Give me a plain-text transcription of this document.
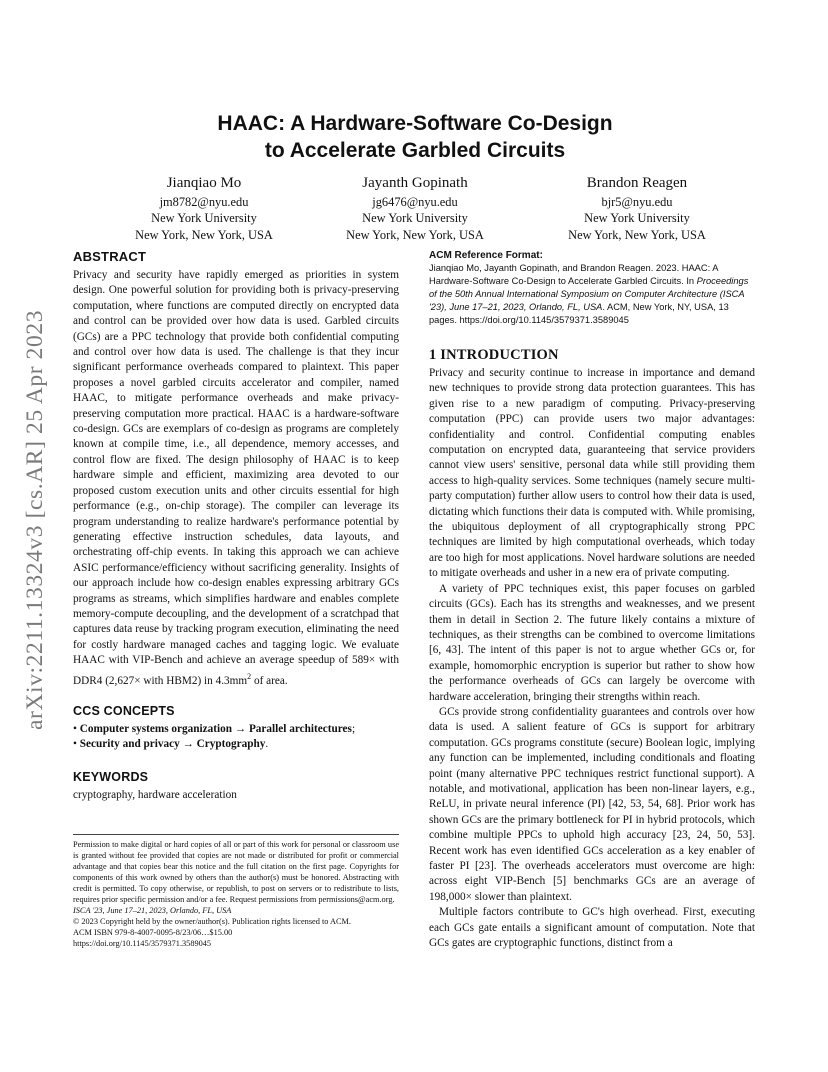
arXiv:2211.13324v3 [cs.AR] 25 Apr 2023
HAAC: A Hardware-Software Co-Design
to Accelerate Garbled Circuits
Jianqiao Mo
jm8782@nyu.edu
New York University
New York, New York, USA
Jayanth Gopinath
jg6476@nyu.edu
New York University
New York, New York, USA
Brandon Reagen
bjr5@nyu.edu
New York University
New York, New York, USA
ABSTRACT
Privacy and security have rapidly emerged as priorities in system design. One powerful solution for providing both is privacy-preserving computation, where functions are computed directly on encrypted data and control can be provided over how data is used. Garbled circuits (GCs) are a PPC technology that provide both confidential computing and control over how data is used. The challenge is that they incur significant performance overheads compared to plaintext. This paper proposes a novel garbled circuits accelerator and compiler, named HAAC, to mitigate performance overheads and make privacy-preserving computation more practical. HAAC is a hardware-software co-design. GCs are exemplars of co-design as programs are completely known at compile time, i.e., all dependence, memory accesses, and control flow are fixed. The design philosophy of HAAC is to keep hardware simple and efficient, maximizing area devoted to our proposed custom execution units and other circuits essential for high performance (e.g., on-chip storage). The compiler can leverage its program understanding to realize hardware's performance potential by generating effective instruction schedules, data layouts, and orchestrating off-chip events. In taking this approach we can achieve ASIC performance/efficiency without sacrificing generality. Insights of our approach include how co-design enables expressing arbitrary GCs programs as streams, which simplifies hardware and enables complete memory-compute decoupling, and the development of a scratchpad that captures data reuse by tracking program execution, eliminating the need for costly hardware managed caches and tagging logic. We evaluate HAAC with VIP-Bench and achieve an average speedup of 589× with DDR4 (2,627× with HBM2) in $4.3mm^2$ of area.
CCS CONCEPTS
• Computer systems organization → Parallel architectures;
• Security and privacy → Cryptography.
KEYWORDS
cryptography, hardware acceleration
Permission to make digital or hard copies of all or part of this work for personal or classroom use is granted without fee provided that copies are not made or distributed for profit or commercial advantage and that copies bear this notice and the full citation on the first page. Copyrights for components of this work owned by others than the author(s) must be honored. Abstracting with credit is permitted. To copy otherwise, or republish, to post on servers or to redistribute to lists, requires prior specific permission and/or a fee. Request permissions from permissions@acm.org.
ISCA '23, June 17–21, 2023, Orlando, FL, USA
© 2023 Copyright held by the owner/author(s). Publication rights licensed to ACM.
ACM ISBN 979-8-4007-0095-8/23/06…$15.00
https://doi.org/10.1145/3579371.3589045
ACM Reference Format:
Jianqiao Mo, Jayanth Gopinath, and Brandon Reagen. 2023. HAAC: A Hardware-Software Co-Design to Accelerate Garbled Circuits. In Proceedings of the 50th Annual International Symposium on Computer Architecture (ISCA '23), June 17–21, 2023, Orlando, FL, USA. ACM, New York, NY, USA, 13 pages. https://doi.org/10.1145/3579371.3589045
1 INTRODUCTION
Privacy and security continue to increase in importance and demand new techniques to provide strong data protection guarantees. This has given rise to a new paradigm of computing. Privacy-preserving computation (PPC) can provide users two major advantages: confidentiality and control. Confidential computing enables computation on encrypted data, guaranteeing that service providers cannot view users' sensitive, personal data while still providing them access to high-quality services. Some techniques (namely secure multi-party computation) further allow users to control how their data is used, dictating which functions their data is computed with. While promising, the ubiquitous deployment of all cryptographically strong PPC techniques are limited by high computational overheads, which today are too high for most applications. Novel hardware solutions are needed to mitigate overheads and usher in a new era of private computing.
A variety of PPC techniques exist, this paper focuses on garbled circuits (GCs). Each has its strengths and weaknesses, and we present them in detail in Section 2. The future likely contains a mixture of techniques, as their strengths can be combined to overcome limitations [6, 43]. The intent of this paper is not to argue whether GCs or, for example, homomorphic encryption is superior but rather to show how the performance overheads of GCs can largely be overcome with hardware acceleration, bringing their strengths within reach.
GCs provide strong confidentiality guarantees and controls over how data is used. A salient feature of GCs is support for arbitrary computation. GCs programs constitute (secure) Boolean logic, implying any function can be implemented, including conditionals and floating point (many alternative PPC techniques restrict functional support). A notable, and motivational, application has been non-linear layers, e.g., ReLU, in private neural inference (PI) [42, 53, 54, 68]. Prior work has shown GCs are the primary bottleneck for PI in hybrid protocols, which combine multiple PPCs to uphold high accuracy [23, 24, 50, 53]. Recent work has even identified GCs acceleration as a key enabler of faster PI [23]. The overheads accelerators must overcome are high: across eight VIP-Bench [5] benchmarks GCs are an average of 198,000× slower than plaintext.
Multiple factors contribute to GC's high overhead. First, executing each GCs gate entails a significant amount of computation. Note that GCs gates are cryptographic functions, distinct from a
